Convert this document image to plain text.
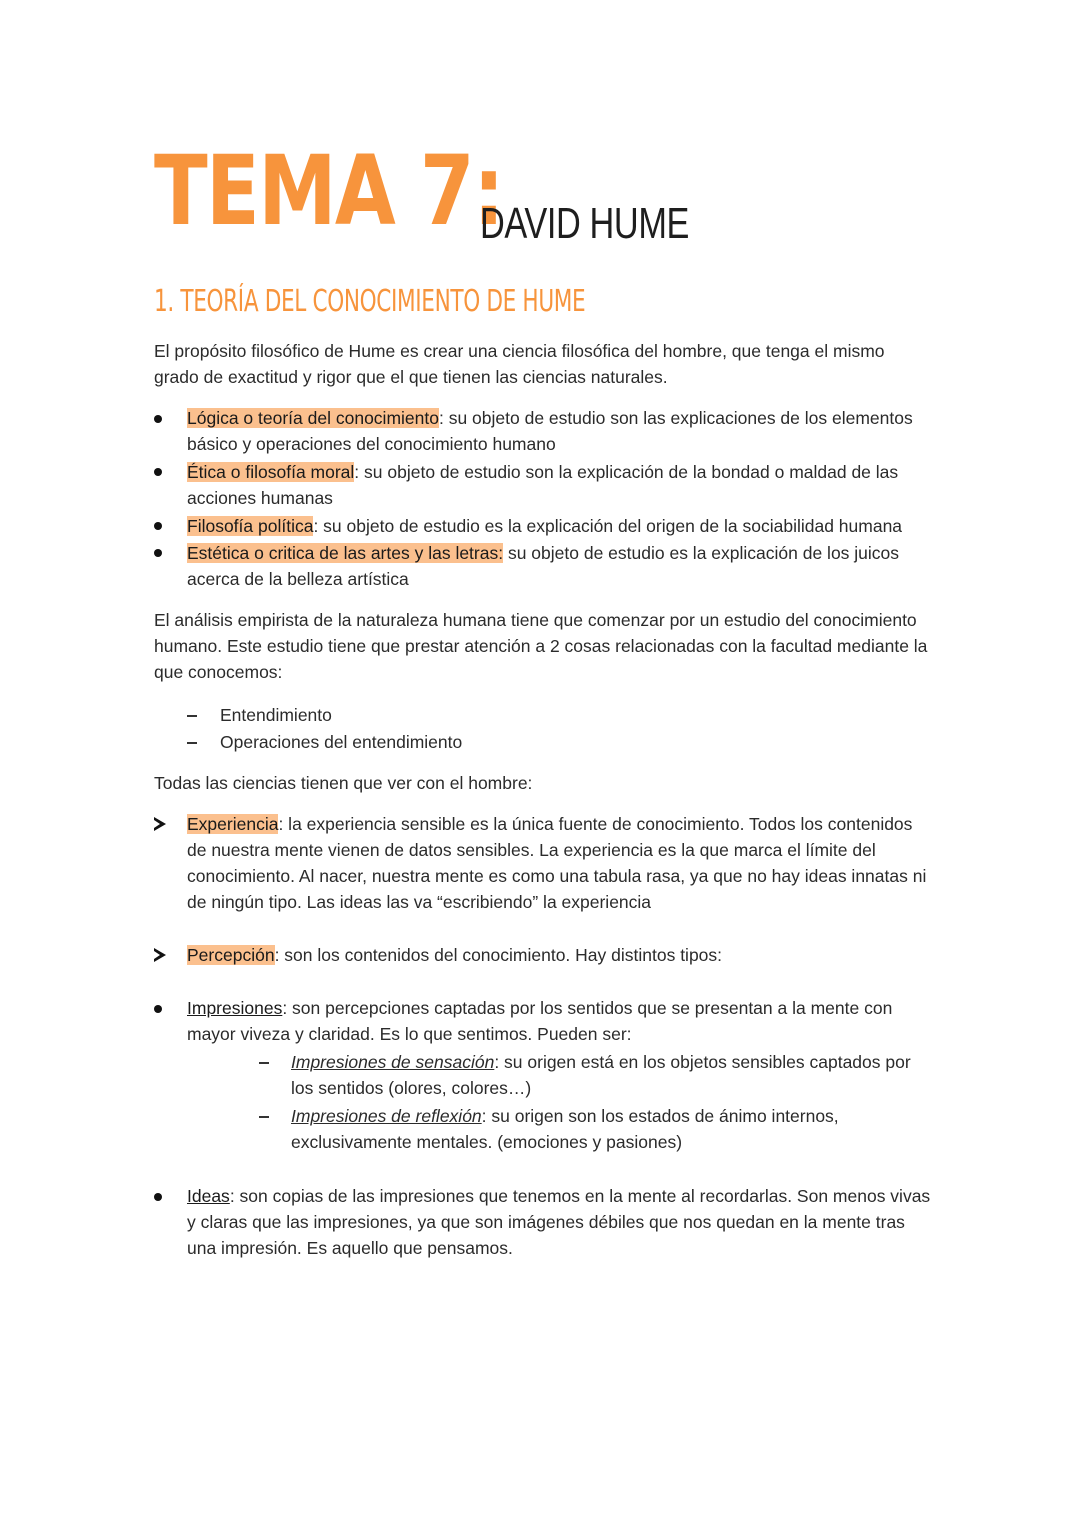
TEMA 7:
DAVID HUME
1. TEORÍA DEL CONOCIMIENTO DE HUME
El propósito filosófico de Hume es crear una ciencia filosófica del hombre, que tenga el mismo grado de exactitud y rigor que el que tienen las ciencias naturales.
Lógica o teoría del conocimiento: su objeto de estudio son las explicaciones de los elementos básico y operaciones del conocimiento humano
Ética o filosofía moral: su objeto de estudio son la explicación de la bondad o maldad de las acciones humanas
Filosofía política: su objeto de estudio es la explicación del origen de la sociabilidad humana
Estética o critica de las artes y las letras: su objeto de estudio es la explicación de los juicos acerca de la belleza artística
El análisis empirista de la naturaleza humana tiene que comenzar por un estudio del conocimiento humano. Este estudio tiene que prestar atención a 2 cosas relacionadas con la facultad mediante la que conocemos:
Entendimiento
Operaciones del entendimiento
Todas las ciencias tienen que ver con el hombre:
Experiencia: la experiencia sensible es la única fuente de conocimiento. Todos los contenidos de nuestra mente vienen de datos sensibles. La experiencia es la que marca el límite del conocimiento. Al nacer, nuestra mente es como una tabula rasa, ya que no hay ideas innatas ni de ningún tipo. Las ideas las va “escribiendo” la experiencia
Percepción: son los contenidos del conocimiento. Hay distintos tipos:
Impresiones: son percepciones captadas por los sentidos que se presentan a la mente con mayor viveza y claridad. Es lo que sentimos. Pueden ser:
Impresiones de sensación: su origen está en los objetos sensibles captados por los sentidos (olores, colores…)
Impresiones de reflexión: su origen son los estados de ánimo internos, exclusivamente mentales. (emociones y pasiones)
Ideas: son copias de las impresiones que tenemos en la mente al recordarlas. Son menos vivas y claras que las impresiones, ya que son imágenes débiles que nos quedan en la mente tras una impresión. Es aquello que pensamos.
